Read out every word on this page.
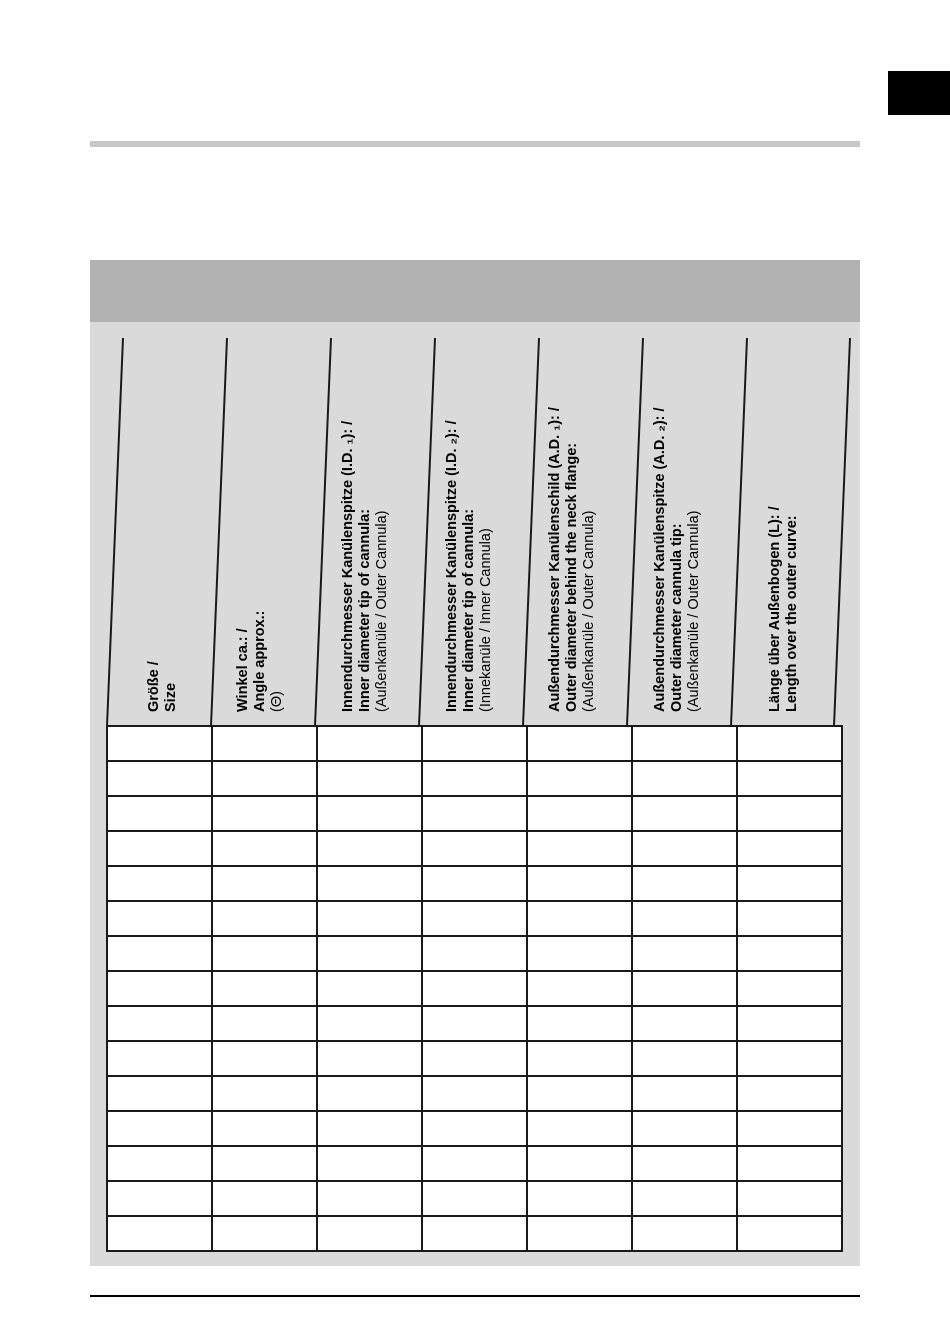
Größe / Size	Winkel ca.: / Angle approx.: (Θ)	Innendurchmesser Kanülenspitze (I.D. ₁): / Inner diameter tip of cannula: (Außenkanüle / Outer Cannula)	Innendurchmesser Kanülenspitze (I.D. ₂): / Inner diameter tip of cannula: (Innekanüle / Inner Cannula)	Außendurchmesser Kanülenschild (A.D. ₁): / Outer diameter behind the neck flange: (Außenkanüle / Outer Cannula)	Außendurchmesser Kanülenspitze (A.D. ₂): / Outer diameter cannula tip: (Außenkanüle / Outer Cannula)	Länge über Außenbogen (L): / Length over the outer curve:
